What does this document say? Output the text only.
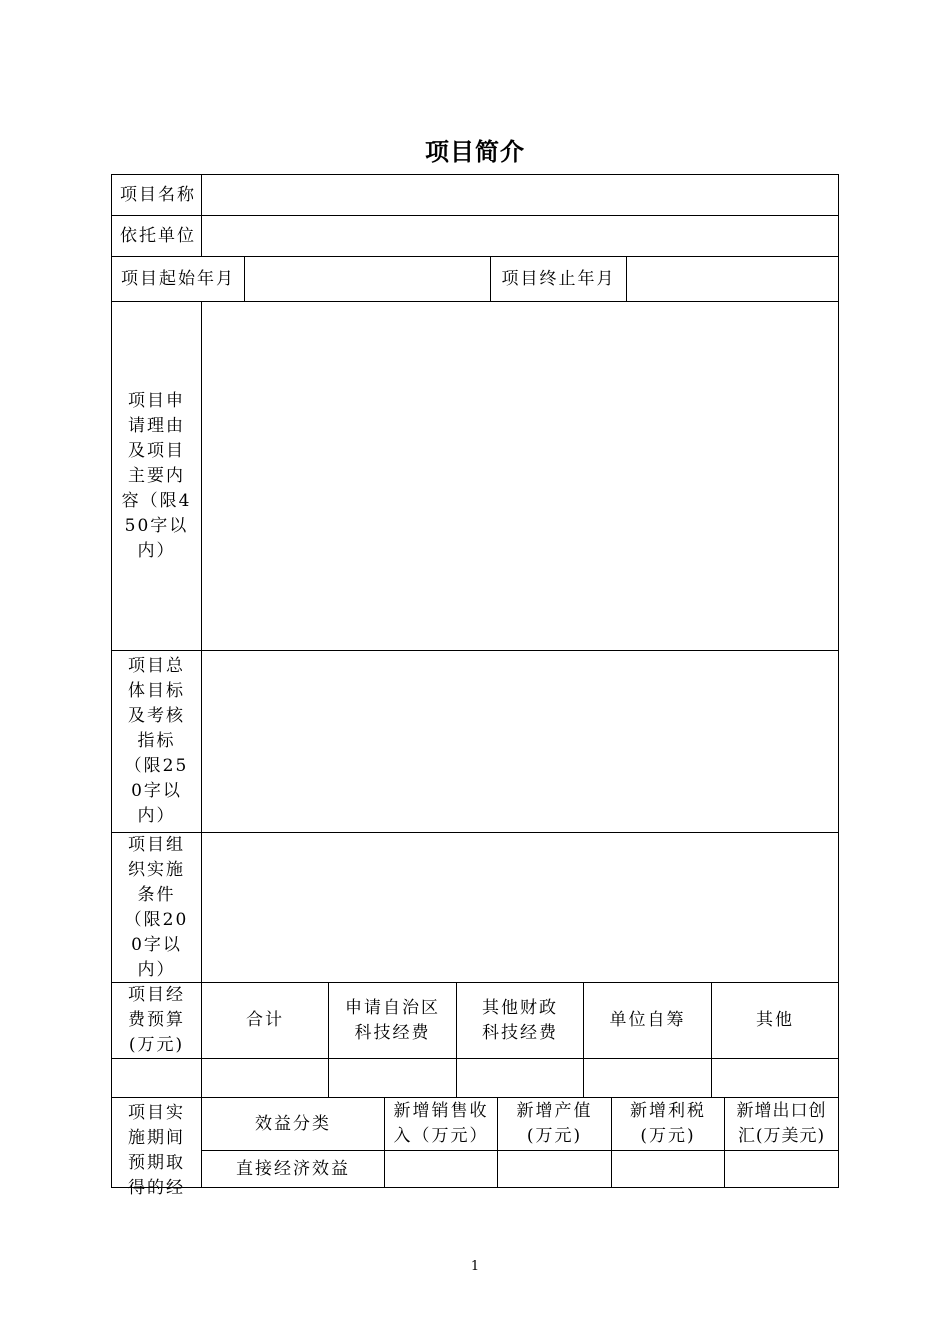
项目简介
项目名称
依托单位
项目起始年月	项目终止年月
项目申请理由及项目主要内容（限450字以内）
项目总体目标及考核指标（限250字以内）
项目组织实施条件（限200字以内）
项目经费预算(万元)
合计
申请自治区科技经费
其他财政科技经费
单位自筹	其他
项目实施期间预期取得的经
效益分类
新增销售收入（万元）
新增产值(万元)
新增利税(万元)
新增出口创汇(万美元)
直接经济效益
1
